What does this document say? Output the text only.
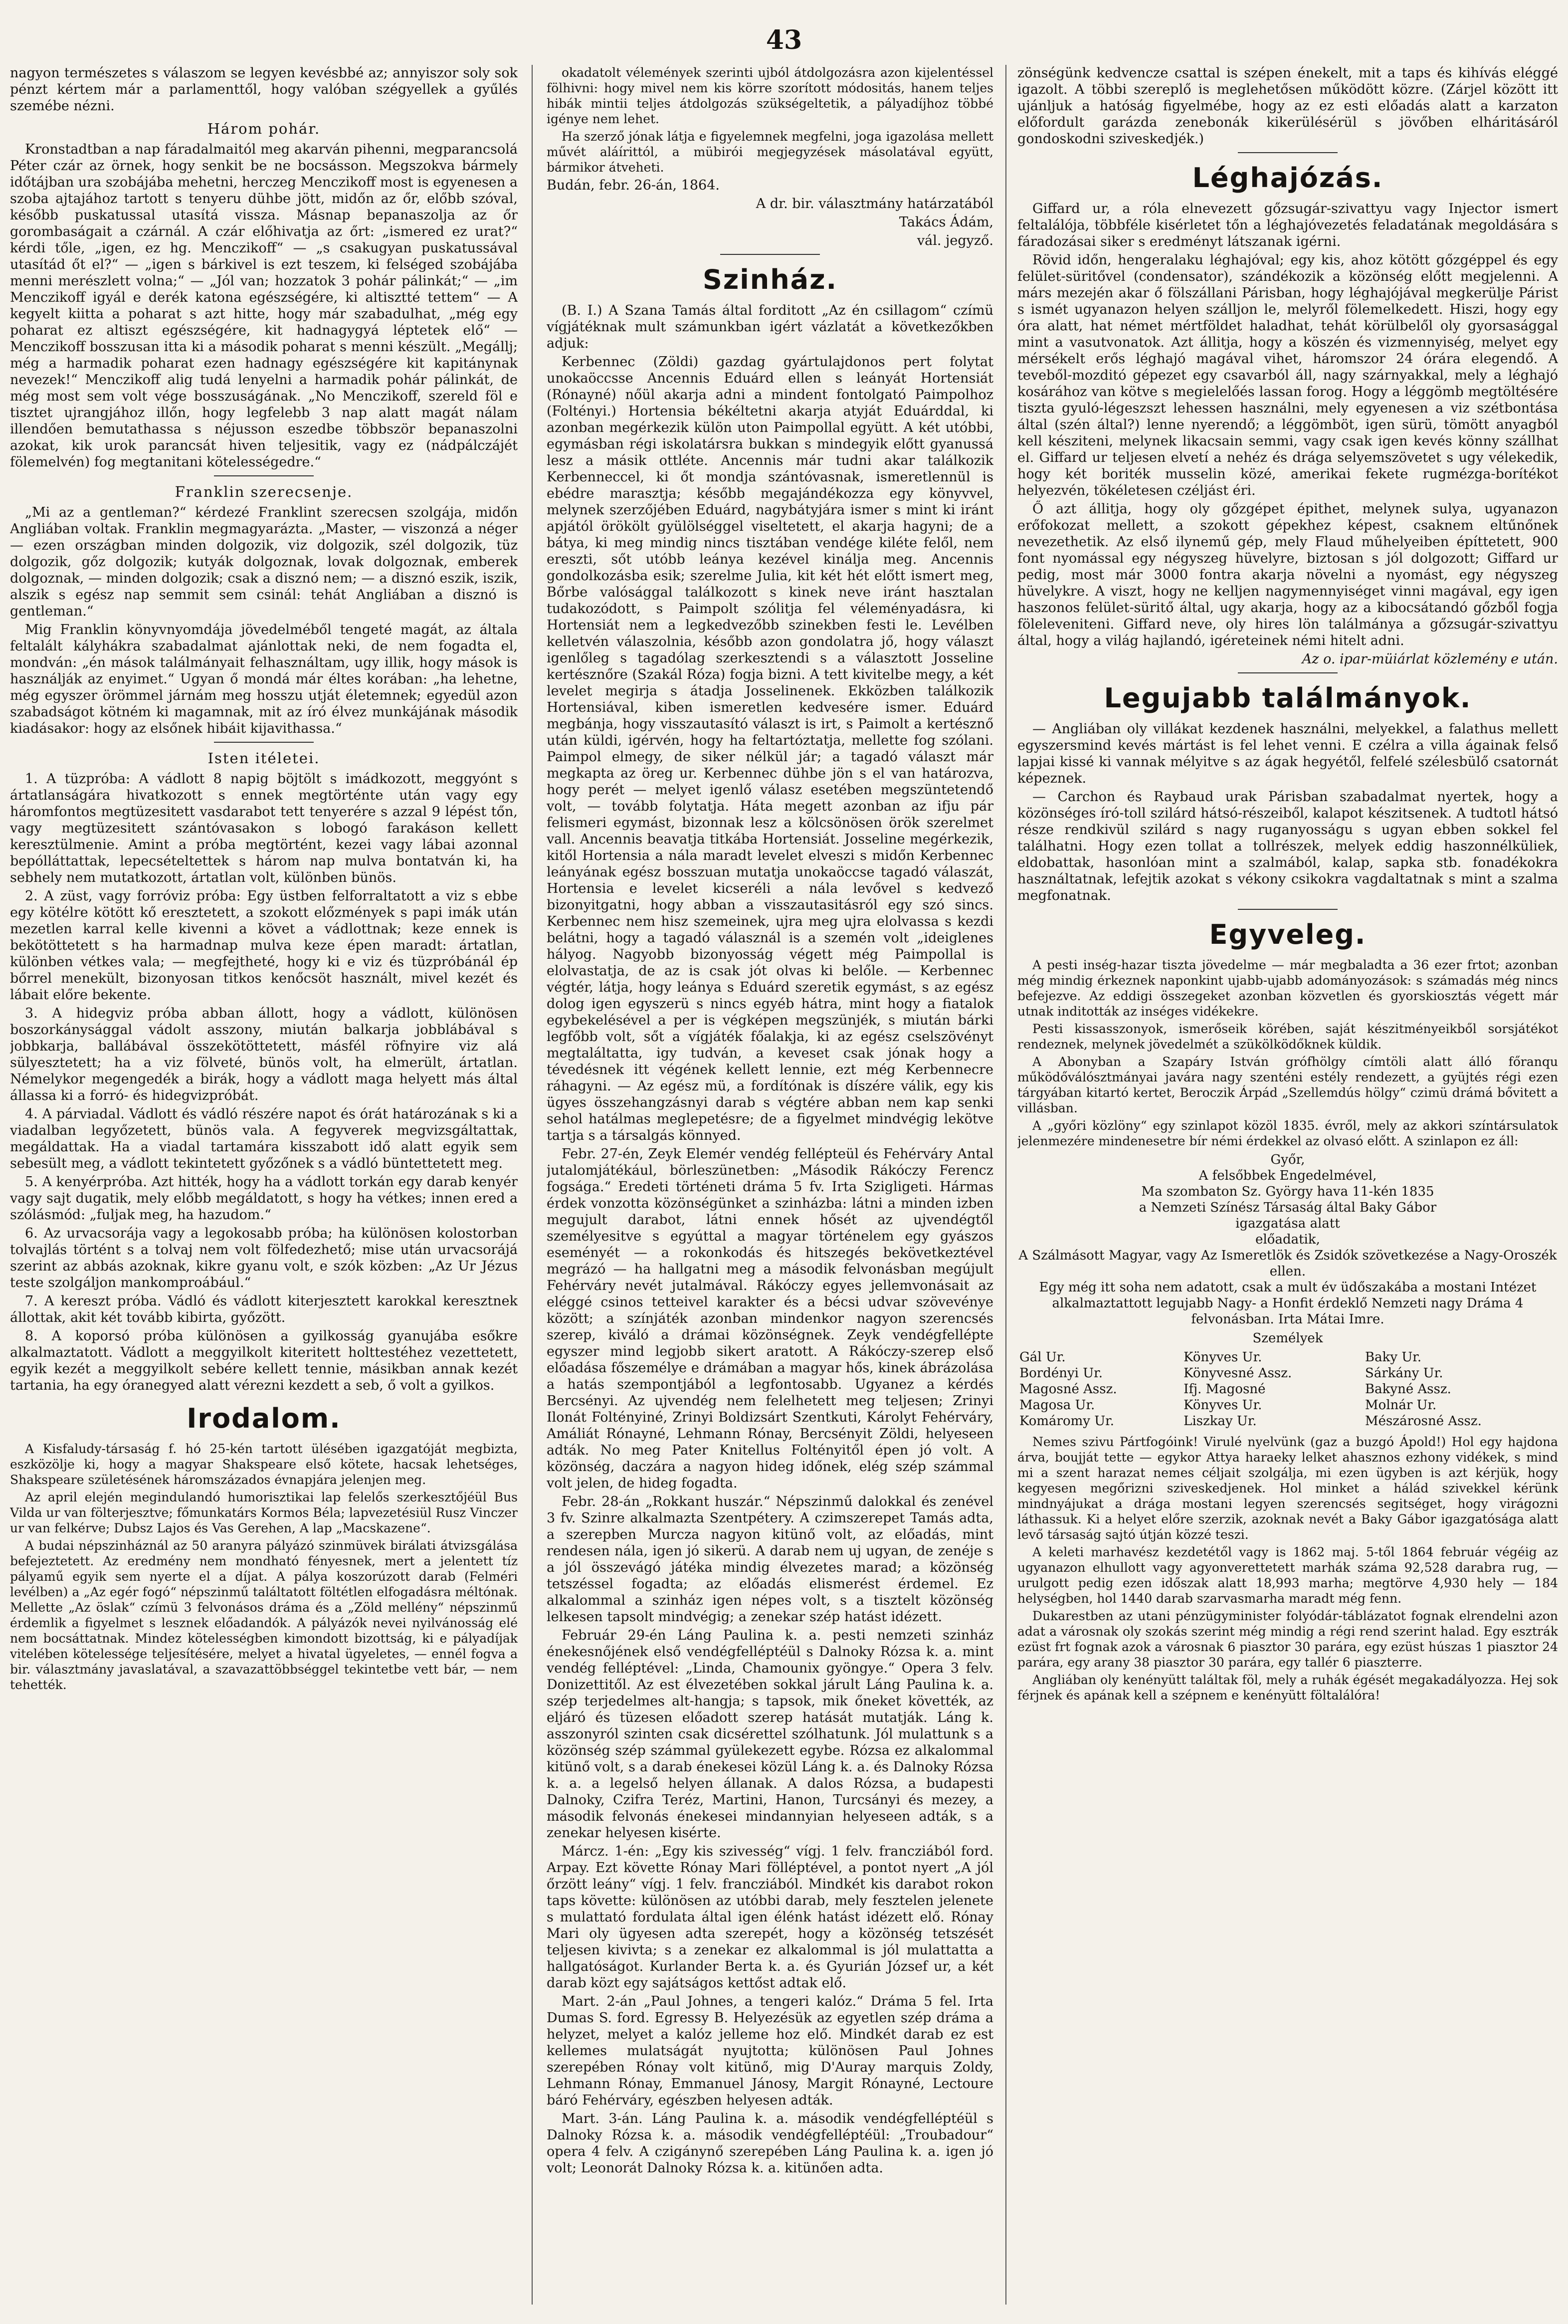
43

nagyon természetes s válaszom se legyen kevésbbé az; annyiszor soly sok pénzt kértem már a parlamenttől, hogy valóban szégyellek a gyűlés szemébe nézni.

Három pohár.

Kronstadtban a nap fáradalmaitól meg akarván pihenni, megparancsolá Péter czár az örnek, hogy senkit be ne bocsásson. Megszokva bármely időtájban ura szobájába mehetni, herczeg Menczikoff most is egyenesen a szoba ajtajához tartott s tenyeru dühbe jött, midőn az őr, előbb szóval, később puskatussal utasítá vissza. Másnap bepanaszolja az őr gorombaságait a czárnál. A czár előhivatja az őrt: „ismered ez urat?“ kérdi tőle, „igen, ez hg. Menczikoff“ — „s csakugyan puskatussával utasítád őt el?“ — „igen s bárkivel is ezt teszem, ki felséged szobájába menni merészlett volna;“ — „Jól van; hozzatok 3 pohár pálinkát;“ — „im Menczikoff igyál e derék katona egészségére, ki altisztté tettem“ — A kegyelt kiitta a poharat s azt hitte, hogy már szabadulhat, „még egy poharat ez altiszt egészségére, kit hadnagygyá léptetek elő“ — Menczikoff bosszusan itta ki a második poharat s menni készült. „Megállj; még a harmadik poharat ezen hadnagy egészségére kit kapitánynak nevezek!“ Menczikoff alig tudá lenyelni a harmadik pohár pálinkát, de még most sem volt vége bosszuságának. „No Menczikoff, szereld föl e tisztet ujrangjához illőn, hogy legfelebb 3 nap alatt magát nálam illendően bemutathassa s néjusson eszedbe többször bepanaszolni azokat, kik urok parancsát hiven teljesitik, vagy ez (nádpálczájét fölemelvén) fog megtanitani kötelességedre.“

Franklin szerecsenje.

„Mi az a gentleman?“ kérdezé Franklint szerecsen szolgája, midőn Angliában voltak. Franklin megmagyarázta. „Master, — viszonzá a néger — ezen országban minden dolgozik, viz dolgozik, szél dolgozik, tüz dolgozik, gőz dolgozik; kutyák dolgoznak, lovak dolgoznak, emberek dolgoznak, — minden dolgozik; csak a disznó nem; — a disznó eszik, iszik, alszik s egész nap semmit sem csinál: tehát Angliában a disznó is gentleman.“

Mig Franklin könyvnyomdája jövedelméből tengeté magát, az általa feltalált kályhákra szabadalmat ajánlottak neki, de nem fogadta el, mondván: „én mások találmányait felhasználtam, ugy illik, hogy mások is használják az enyimet.“ Ugyan ő mondá már éltes korában: „ha lehetne, még egyszer örömmel járnám meg hosszu utját életemnek; egyedül azon szabadságot kötném ki magamnak, mit az író élvez munkájának második kiadásakor: hogy az elsőnek hibáit kijavithassa.“

Isten itéletei.

1. A tüzpróba: A vádlott 8 napig böjtölt s imádkozott, meggyónt s ártatlanságára hivatkozott s ennek megtörténte után vagy egy háromfontos megtüzesitett vasdarabot tett tenyerére s azzal 9 lépést tőn, vagy megtüzesitett szántóvasakon s lobogó farakáson kellett keresztülmenie. Amint a próba megtörtént, kezei vagy lábai azonnal bepólláttattak, lepecsételtettek s három nap mulva bontatván ki, ha sebhely nem mutatkozott, ártatlan volt, különben bünös.

2. A züst, vagy forróviz próba: Egy üstben felforraltatott a viz s ebbe egy kötélre kötött kő eresztetett, a szokott előzmények s papi imák után mezetlen karral kelle kivenni a követ a vádlottnak; keze ennek is bekötöttetett s ha harmadnap mulva keze épen maradt: ártatlan, különben vétkes vala; — megfejtheté, hogy ki e viz és tüzpróbánál ép bőrrel menekült, bizonyosan titkos kenőcsöt használt, mivel kezét és lábait előre bekente.

3. A hidegviz próba abban állott, hogy a vádlott, különösen boszorkánysággal vádolt asszony, miután balkarja jobblábával s jobbkarja, ballábával összekötöttetett, másfél röfnyire viz alá sülyesztetett; ha a viz fölveté, bünös volt, ha elmerült, ártatlan. Némelykor megengedék a birák, hogy a vádlott maga helyett más által állassa ki a forró- és hidegvizpróbát.

4. A párviadal. Vádlott és vádló részére napot és órát határozának s ki a viadalban legyőzetett, bünös vala. A fegyverek megvizsgáltattak, megáldattak. Ha a viadal tartamára kisszabott idő alatt egyik sem sebesült meg, a vádlott tekintetett győzőnek s a vádló büntettetett meg.

5. A kenyérpróba. Azt hitték, hogy ha a vádlott torkán egy darab kenyér vagy sajt dugatik, mely előbb megáldatott, s hogy ha vétkes; innen ered a szólásmód: „fuljak meg, ha hazudom.“

6. Az urvacsorája vagy a legokosabb próba; ha különösen kolostorban tolvajlás történt s a tolvaj nem volt fölfedezhető; mise után urvacsorájá szerint az abbás azoknak, kikre gyanu volt, e szók közben: „Az Ur Jézus teste szolgáljon mankomproábául.“

7. A kereszt próba. Vádló és vádlott kiterjesztett karokkal keresztnek állottak, akit két tovább kibirta, győzött.

8. A koporsó próba különösen a gyilkosság gyanujába esőkre alkalmaztatott. Vádlott a meggyilkolt kiteritett holttestéhez vezettetett, egyik kezét a meggyilkolt sebére kellett tennie, másikban annak kezét tartania, ha egy óranegyed alatt vérezni kezdett a seb, ő volt a gyilkos.

Irodalom.

A Kisfaludy-társaság f. hó 25-kén tartott ülésében igazgatóját megbizta, eszközölje ki, hogy a magyar Shakspeare első kötete, hacsak lehetséges, Shakspeare születésének háromszázados évnapjára jelenjen meg.

Az april elején megindulandó humorisztikai lap felelős szerkesztőjéül Bus Vilda ur van fölterjesztve; főmunkatárs Kormos Béla; lapvezetésiül Rusz Vinczer ur van felkérve; Dubsz Lajos és Vas Gerehen, A lap „Macskazene“.

A budai népszinháznál az 50 aranyra pályázó szinmüvek birálati átvizsgálása befejeztetett. Az eredmény nem mondható fényesnek, mert a jelentett tíz pályamű egyik sem nyerte el a díjat. A pálya koszorúzott darab (Felméri levélben) a „Az egér fogó“ népszinmű találtatott föltétlen elfogadásra méltónak. Mellette „Az öslak“ czímü 3 felvonásos dráma és a „Zöld mellény“ népszinmű érdemlik a figyelmet s lesznek előadandók. A pályázók nevei nyilvánosság elé nem bocsáttatnak. Mindez kötelességben kimondott bizottság, ki e pályadíjak vitelében kötelessége teljesítésére, melyet a hivatal ügyeletes, — ennél fogva a bir. választmány javaslatával, a szavazattöbbséggel tekintetbe vett bár, — nem tehették.

okadatolt vélemények szerinti ujból átdolgozásra azon kijelentéssel fölhivni: hogy mivel nem kis körre szorított módositás, hanem teljes hibák mintii teljes átdolgozás szükségeltetik, a pályadíjhoz többé igénye nem lehet.

Ha szerző jónak látja e figyelemnek megfelni, joga igazolása mellett művét aláírittól, a mübirói megjegyzések másolatával együtt, bármikor átveheti.

Budán, febr. 26-án, 1864.

A dr. bir. választmány határzatából

Takács Ádám,

vál. jegyző.

Szinház.

(B. I.) A Szana Tamás által forditott „Az én csillagom“ czímü vígjátéknak mult számunkban igért vázlatát a következőkben adjuk:

Kerbennec (Zöldi) gazdag gyártulajdonos pert folytat unokaöccsse Ancennis Eduárd ellen s leányát Hortensiát (Rónayné) nőül akarja adni a mindent fontolgató Paimpolhoz (Foltényi.) Hortensia békéltetni akarja atyját Eduárddal, ki azonban megérkezik külön uton Paimpollal együtt. A két utóbbi, egymásban régi iskolatársra bukkan s mindegyik előtt gyanussá lesz a másik ottléte. Ancennis már tudni akar találkozik Kerbenneccel, ki őt mondja szántóvasnak, ismeretlennül is ebédre marasztja; később megajándékozza egy könyvvel, melynek szerzőjében Eduárd, nagybátyjára ismer s mint ki iránt apjától örökölt gyülölséggel viseltetett, el akarja hagyni; de a bátya, ki meg mindig nincs tisztában vendége kiléte felől, nem ereszti, sőt utóbb leánya kezével kinálja meg. Ancennis gondolkozásba esik; szerelme Julia, kit két hét előtt ismert meg, Bőrbe valósággal találkozott s kinek neve iránt hasztalan tudakozódott, s Paimpolt szólitja fel véleményadásra, ki Hortensiát nem a legkedvezőbb szinekben festi le. Levélben kelletvén válaszolnia, később azon gondolatra jő, hogy választ igenlőleg s tagadólag szerkesztendi s a választott Josseline kertésznőre (Szakál Róza) fogja bizni. A tett kivitelbe megy, a két levelet megirja s átadja Josselinenek. Ekközben találkozik Hortensiával, kiben ismeretlen kedvesére ismer. Eduárd megbánja, hogy visszautasító választ is irt, s Paimolt a kertésznő után küldi, igérvén, hogy ha feltartóztatja, mellette fog szólani. Paimpol elmegy, de siker nélkül jár; a tagadó választ már megkapta az öreg ur. Kerbennec dühbe jön s el van határozva, hogy perét — melyet igenlő válasz esetében megszüntetendő volt, — tovább folytatja. Háta megett azonban az ifju pár felismeri egymást, bizonnak lesz a kölcsönösen örök szerelmet vall. Ancennis beavatja titkába Hortensiát. Josseline megérkezik, kitől Hortensia a nála maradt levelet elveszi s midőn Kerbennec leányának egész bosszuan mutatja unokaöccse tagadó válaszát, Hortensia e levelet kicseréli a nála levővel s kedvező bizonyitgatni, hogy abban a visszautasitásról egy szó sincs. Kerbennec nem hisz szemeinek, ujra meg ujra elolvassa s kezdi belátni, hogy a tagadó válasznál is a szemén volt „ideiglenes hályog. Nagyobb bizonyosság végett még Paimpollal is elolvastatja, de az is csak jót olvas ki belőle. — Kerbennec végtér, látja, hogy leánya s Eduárd szeretik egymást, s az egész dolog igen egyszerü s nincs egyéb hátra, mint hogy a fiatalok egybekelésével a per is végképen megszünjék, s miután bárki legfőbb volt, sőt a vígjáték főalakja, ki az egész cselszövényt megtaláltatta, igy tudván, a keveset csak jónak hogy a tévedésnek itt végének kellett lennie, ezt még Kerbennecre ráhagyni. — Az egész mü, a fordítónak is díszére válik, egy kis ügyes összehangzásnyi darab s végtére abban nem kap senki sehol hatálmas meglepetésre; de a figyelmet mindvégig lekötve tartja s a társalgás könnyed.

Febr. 27-én, Zeyk Elemér vendég fellépteül és Fehérváry Antal jutalomjátékául, börleszünetben: „Második Rákóczy Ferencz fogsága.“ Eredeti történeti dráma 5 fv. Irta Szigligeti. Hármas érdek vonzotta közönségünket a szinházba: látni a minden izben megujult darabot, látni ennek hősét az ujvendégtől személyesitve s egyúttal a magyar történelem egy gyászos eseményét — a rokonkodás és hitszegés bekövetkeztével megrázó — ha hallgatni meg a második felvonásban megújult Fehérváry nevét jutalmával. Rákóczy egyes jellemvonásait az eléggé csinos tetteivel karakter és a bécsi udvar szövevénye között; a színjáték azonban mindenkor nagyon szerencsés szerep, kiváló a drámai közönségnek. Zeyk vendégfellépte egyszer mind legjobb sikert aratott. A Rákóczy-szerep első előadása főszemélye e drámában a magyar hős, kinek ábrázolása a hatás szempontjából a legfontosabb. Ugyanez a kérdés Bercsényi. Az ujvendég nem felelhetett meg teljesen; Zrinyi Ilonát Foltényiné, Zrinyi Boldizsárt Szentkuti, Károlyt Fehérváry, Amáliát Rónayné, Lehmann Rónay, Bercsényit Zöldi, helyeseen adták. No meg Pater Knitellus Foltényitől épen jó volt. A közönség, daczára a nagyon hideg időnek, elég szép számmal volt jelen, de hideg fogadta.

Febr. 28-án „Rokkant huszár.“ Népszinmű dalokkal és zenével 3 fv. Szinre alkalmazta Szentpétery. A czimszerepet Tamás adta, a szerepben Murcza nagyon kitünő volt, az előadás, mint rendesen nála, igen jó sikerü. A darab nem uj ugyan, de zenéje s a jól összevágó játéka mindig élvezetes marad; a közönség tetszéssel fogadta; az előadás elismerést érdemel. Ez alkalommal a szinház igen népes volt, s a tisztelt közönség lelkesen tapsolt mindvégig; a zenekar szép hatást idézett.

Február 29-én Láng Paulina k. a. pesti nemzeti szinház énekesnőjének első vendégfelléptéül s Dalnoky Rózsa k. a. mint vendég felléptével: „Linda, Chamounix gyöngye.“ Opera 3 felv. Donizettitől. Az est élvezetében sokkal járult Láng Paulina k. a. szép terjedelmes alt-hangja; s tapsok, mik őneket követték, az eljáró és tüzesen előadott szerep hatását mutatják. Láng k. asszonyról szinten csak dicsérettel szólhatunk. Jól mulattunk s a közönség szép számmal gyülekezett egybe. Rózsa ez alkalommal kitünő volt, s a darab énekesei közül Láng k. a. és Dalnoky Rózsa k. a. a legelső helyen állanak. A dalos Rózsa, a budapesti Dalnoky, Czifra Teréz, Martini, Hanon, Turcsányi és mezey, a második felvonás énekesei mindannyian helyeseen adták, s a zenekar helyesen kisérte.

Márcz. 1-én: „Egy kis szivesség“ vígj. 1 felv. francziából ford. Arpay. Ezt követte Rónay Mari fölléptével, a pontot nyert „A jól őrzött leány“ vígj. 1 felv. francziából. Mindkét kis darabot rokon taps követte: különösen az utóbbi darab, mely fesztelen jelenete s mulattató fordulata által igen élénk hatást idézett elő. Rónay Mari oly ügyesen adta szerepét, hogy a közönség tetszését teljesen kivivta; s a zenekar ez alkalommal is jól mulattatta a hallgatóságot. Kurlander Berta k. a. és Gyurián József ur, a két darab közt egy sajátságos kettőst adtak elő.

Mart. 2-án „Paul Johnes, a tengeri kalóz.“ Dráma 5 fel. Irta Dumas S. ford. Egressy B. Helyezésük az egyetlen szép dráma a helyzet, melyet a kalóz jelleme hoz elő. Mindkét darab ez est kellemes mulatságát nyujtotta; különösen Paul Johnes szerepében Rónay volt kitünő, mig D'Auray marquis Zoldy, Lehmann Rónay, Emmanuel Jánosy, Margit Rónayné, Lectoure báró Fehérváry, egészben helyesen adták.

Mart. 3-án. Láng Paulina k. a. második vendégfelléptéül s Dalnoky Rózsa k. a. második vendégfelléptéül: „Troubadour“ opera 4 felv. A czigánynő szerepében Láng Paulina k. a. igen jó volt; Leonorát Dalnoky Rózsa k. a. kitünően adta.

zönségünk kedvencze csattal is szépen énekelt, mit a taps és kihívás eléggé igazolt. A többi szereplő is meglehetősen működött közre. (Zárjel között itt ujánljuk a hatóság figyelmébe, hogy az ez esti előadás alatt a karzaton előfordult garázda zenebonák kikerülésérül s jövőben elháritásáról gondoskodni sziveskedjék.)

Léghajózás.

Giffard ur, a róla elnevezett gőzsugár-szivattyu vagy Injector ismert feltalálója, többféle kisérletet tőn a léghajóvezetés feladatának megoldására s fáradozásai siker s eredményt látszanak igérni.

Rövid időn, hengeralaku léghajóval; egy kis, ahoz kötött gőzgéppel és egy felület-süritővel (condensator), szándékozik a közönség előtt megjelenni. A márs mezején akar ő fölszállani Párisban, hogy léghajójával megkerülje Párist s ismét ugyanazon helyen szálljon le, melyről fölemelkedett. Hiszi, hogy egy óra alatt, hat német mértföldet haladhat, tehát körülbelől oly gyorsasággal mint a vasutvonatok. Azt állitja, hogy a köszén és vizmennyiség, melyet egy mérsékelt erős léghajó magával vihet, háromszor 24 órára elegendő. A teveből-mozditó gépezet egy csavarból áll, nagy szárnyakkal, mely a léghajó kosárához van kötve s megielelőés lassan forog. Hogy a léggömb megtöltésére tiszta gyuló-légeszszt lehessen használni, mely egyenesen a viz szétbontása által (szén által?) lenne nyerendő; a léggömböt, igen sürü, tömött anyagból kell késziteni, melynek likacsain semmi, vagy csak igen kevés könny szállhat el. Giffard ur teljesen elvetí a nehéz és drága selyemszövetet s ugy vélekedik, hogy két boriték musselin közé, amerikai fekete rugmézga-borítékot helyezvén, tökéletesen czéljást éri.

Ő azt állitja, hogy oly gőzgépet épithet, melynek sulya, ugyanazon erőfokozat mellett, a szokott gépekhez képest, csaknem eltűnőnek nevezethetik. Az első ilynemű gép, mely Flaud műhelyeiben építtetett, 900 font nyomással egy négyszeg hüvelyre, biztosan s jól dolgozott; Giffard ur pedig, most már 3000 fontra akarja növelni a nyomást, egy négyszeg hüvelykre. A viszt, hogy ne kelljen nagymennyiséget vinni magával, egy igen haszonos felület-süritő által, ugy akarja, hogy az a kibocsátandó gőzből fogja föleleveniteni. Giffard neve, oly hires lön találmánya a gőzsugár-szivattyu által, hogy a világ hajlandó, igéreteinek némi hitelt adni.

Az o. ipar-müiárlat közlemény e után.

Legujabb találmányok.

— Angliában oly villákat kezdenek használni, melyekkel, a falathus mellett egyszersmind kevés mártást is fel lehet venni. E czélra a villa ágainak felső lapjai kissé ki vannak mélyitve s az ágak hegyétől, felfelé szélesbülő csatornát képeznek.

— Carchon és Raybaud urak Párisban szabadalmat nyertek, hogy a közönséges író-toll szilárd hátsó-részeiből, kalapot készitsenek. A tudtotl hátsó része rendkivül szilárd s nagy ruganyosságu s ugyan ebben sokkel fel találhatni. Hogy ezen tollat a tollrészek, melyek eddig haszonnélküliek, eldobattak, hasonlóan mint a szalmából, kalap, sapka stb. fonadékokra használtatnak, lefejtik azokat s vékony csikokra vagdaltatnak s mint a szalma megfonatnak.

Egyveleg.

A pesti inség-hazar tiszta jövedelme — már megbaladta a 36 ezer frtot; azonban még mindig érkeznek naponkint ujabb-ujabb adományozások: s számadás még nincs befejezve. Az eddigi összegeket azonban közvetlen és gyorskiosztás végett már utnak inditották az inséges vidékekre.

Pesti kissasszonyok, ismerőseik körében, saját készitményeikből sorsjátékot rendeznek, melynek jövedelmét a szükölködőknek küldik.

A Abonyban a Szapáry István grófhölgy címtöli alatt álló főranqu működőválósztmányai javára nagy szenténi estély rendezett, a gyüjtés régi ezen tárgyában kitartó kertet, Beroczik Árpád „Szellemdús hölgy“ czimü drámá bővitett a villásban.

A „győri közlöny“ egy szinlapot közöl 1835. évről, mely az akkori színtársulatok jelenmezére mindenesetre bír némi érdekkel az olvasó előtt. A szinlapon ez áll:

Győr,
A felsőbbek Engedelmével,
Ma szombaton Sz. György hava 11-kén 1835
a Nemzeti Színész Társaság által Baky Gábor
igazgatása alatt
előadatik,
A Szálmásott Magyar, vagy Az Ismeretlök és Zsidók szövetkezése a Nagy-Oroszék ellen.
Egy még itt soha nem adatott, csak a mult év üdőszakába a mostani Intézet alkalmaztattott legujabb Nagy- a Honfit érdeklő Nemzeti nagy Dráma 4 felvonásban. Irta Mátai Imre.
Személyek
Gál Ur.	Könyves Ur.	Baky Ur.
Bordényi Ur.	Könyvesné Assz.	Sárkány Ur.
Magosné Assz.	Ifj. Magosné	Bakyné Assz.
Magosa Ur.	Könyves Ur.	Molnár Ur.
Komáromy Ur.	Liszkay Ur.	Mészárosné Assz.

Nemes szivu Pártfogóink! Virulé nyelvünk (gaz a buzgó Ápold!) Hol egy hajdona árva, boujját tette — egykor Attya haraeky lelket ahasznos ezhony vidékek, s mind mi a szent harazat nemes céljait szolgálja, mi ezen ügyben is azt kérjük, hogy kegyesen megőrizni sziveskedjenek. Hol minket a hálád szivekkel kérünk mindnyájukat a drága mostani legyen szerencsés segitséget, hogy virágozni láthassuk. Ki a helyet előre szerzik, azoknak nevét a Baky Gábor igazgatósága alatt levő társaság sajtó útján közzé teszi.

A keleti marhavész kezdetétől vagy is 1862 maj. 5-től 1864 február végéig az ugyanazon elhullott vagy agyonverettetett marhák száma 92,528 darabra rug, — urulgott pedig ezen időszak alatt 18,993 marha; megtörve 4,930 hely — 184 helységben, hol 1440 darab szarvasmarha maradt még fenn.

Dukarestben az utani pénzügyminister folyódár-táblázatot fognak elrendelni azon adat a városnak oly szokás szerint még mindig a régi rend szerint halad. Egy esztrák ezüst frt fognak azok a városnak 6 piasztor 30 parára, egy ezüst húszas 1 piasztor 24 parára, egy arany 38 piasztor 30 parára, egy tallér 6 piaszterre.

Angliában oly kenényütt találtak föl, mely a ruhák égését megakadályozza. Hej sok férjnek és apának kell a szépnem e kenényütt föltalálóra!
